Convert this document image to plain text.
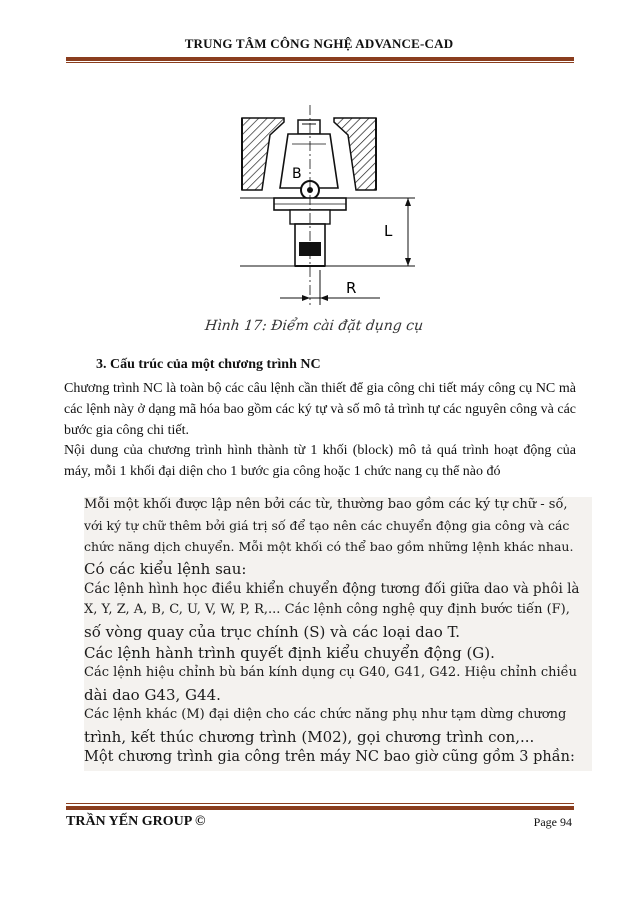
TRUNG TÂM CÔNG NGHỆ ADVANCE-CAD
B
L
R
Hình 17: Điểm cài đặt dụng cụ
3. Cấu trúc của một chương trình NC
Chương trình NC là toàn bộ các câu lệnh cần thiết để gia công chi tiết máy công cụ NC mà các lệnh này ở dạng mã hóa bao gồm các ký tự và số mô tả trình tự các nguyên công và các bước gia công chi tiết.
Nội dung của chương trình hình thành từ 1 khối (block) mô tả quá trình hoạt động của máy, mỗi 1 khối đại diện cho 1 bước gia công hoặc 1 chức nang cụ thể nào đó
Mỗi một khối được lập nên bởi các từ, thường bao gồm các ký tự chữ - số,
với ký tự chữ thêm bởi giá trị số để tạo nên các chuyển động gia công và các
chức năng dịch chuyển. Mỗi một khối có thể bao gồm những lệnh khác nhau.
Có các kiểu lệnh sau:
Các lệnh hình học điều khiển chuyển động tương đối giữa dao và phôi là
X, Y, Z, A, B, C, U, V, W, P, R,... Các lệnh công nghệ quy định bước tiến (F),
số vòng quay của trục chính (S) và các loại dao T.
Các lệnh hành trình quyết định kiểu chuyển động (G).
Các lệnh hiệu chỉnh bù bán kính dụng cụ G40, G41, G42. Hiệu chỉnh chiều
dài dao G43, G44.
Các lệnh khác (M) đại diện cho các chức năng phụ như tạm dừng chương
trình, kết thúc chương trình (M02), gọi chương trình con,...
Một chương trình gia công trên máy NC bao giờ cũng gồm 3 phần:
TRẦN YẾN GROUP ©	Page 94
